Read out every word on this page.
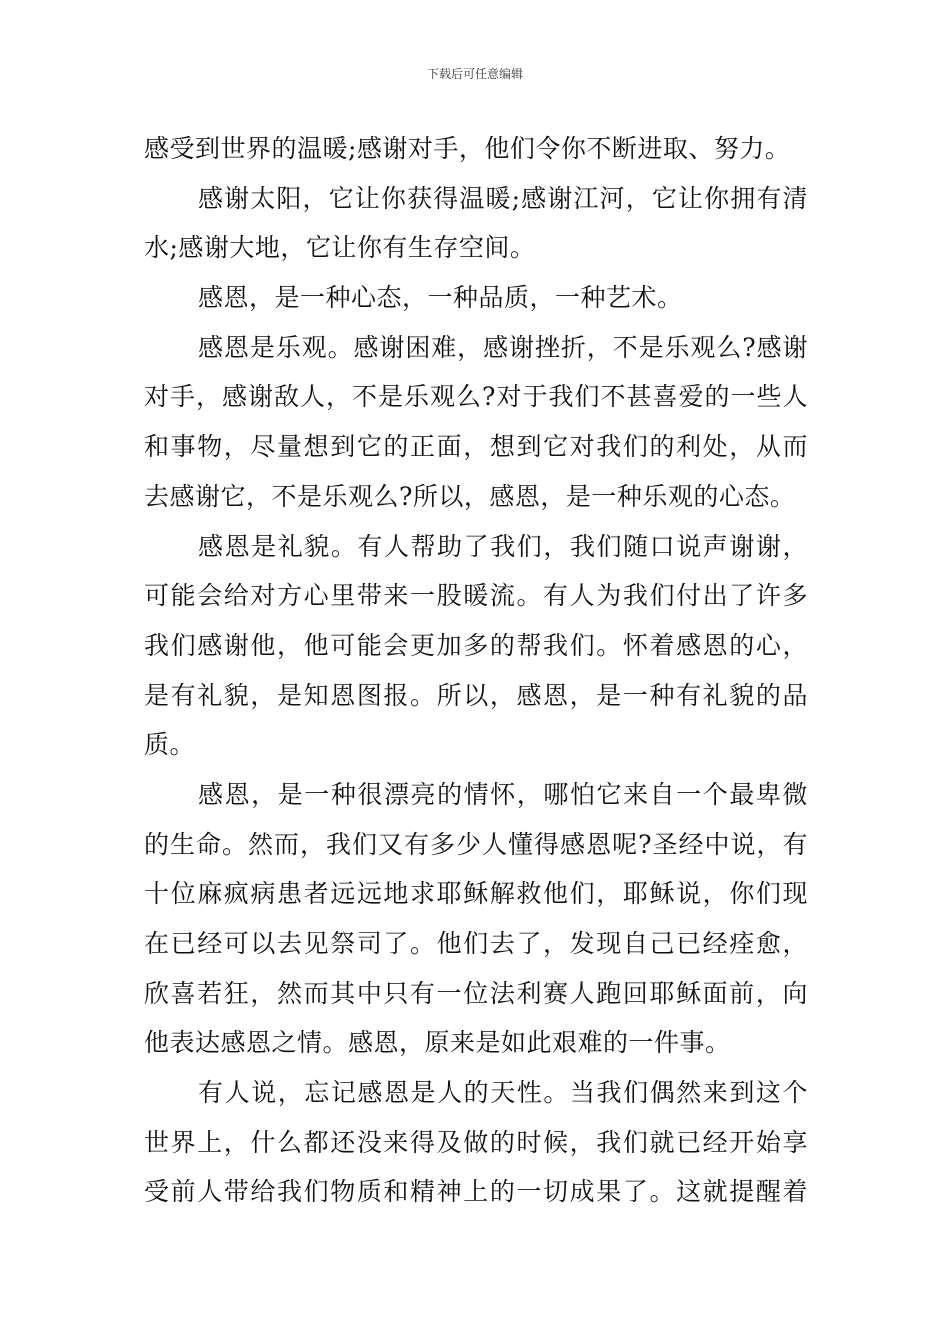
下载后可任意编辑
感受到世界的温暖;感谢对手，他们令你不断进取、努力。
感谢太阳，它让你获得温暖;感谢江河，它让你拥有清
水;感谢大地，它让你有生存空间。
感恩，是一种心态，一种品质，一种艺术。
感恩是乐观。感谢困难，感谢挫折，不是乐观么?感谢
对手，感谢敌人，不是乐观么?对于我们不甚喜爱的一些人
和事物，尽量想到它的正面，想到它对我们的利处，从而
去感谢它，不是乐观么?所以，感恩，是一种乐观的心态。
感恩是礼貌。有人帮助了我们，我们随口说声谢谢，
可能会给对方心里带来一股暖流。有人为我们付出了许多
我们感谢他，他可能会更加多的帮我们。怀着感恩的心，
是有礼貌，是知恩图报。所以，感恩，是一种有礼貌的品
质。
感恩，是一种很漂亮的情怀，哪怕它来自一个最卑微
的生命。然而，我们又有多少人懂得感恩呢?圣经中说，有
十位麻疯病患者远远地求耶稣解救他们，耶稣说，你们现
在已经可以去见祭司了。他们去了，发现自己已经痊愈，
欣喜若狂，然而其中只有一位法利赛人跑回耶稣面前，向
他表达感恩之情。感恩，原来是如此艰难的一件事。
有人说，忘记感恩是人的天性。当我们偶然来到这个
世界上，什么都还没来得及做的时候，我们就已经开始享
受前人带给我们物质和精神上的一切成果了。这就提醒着
